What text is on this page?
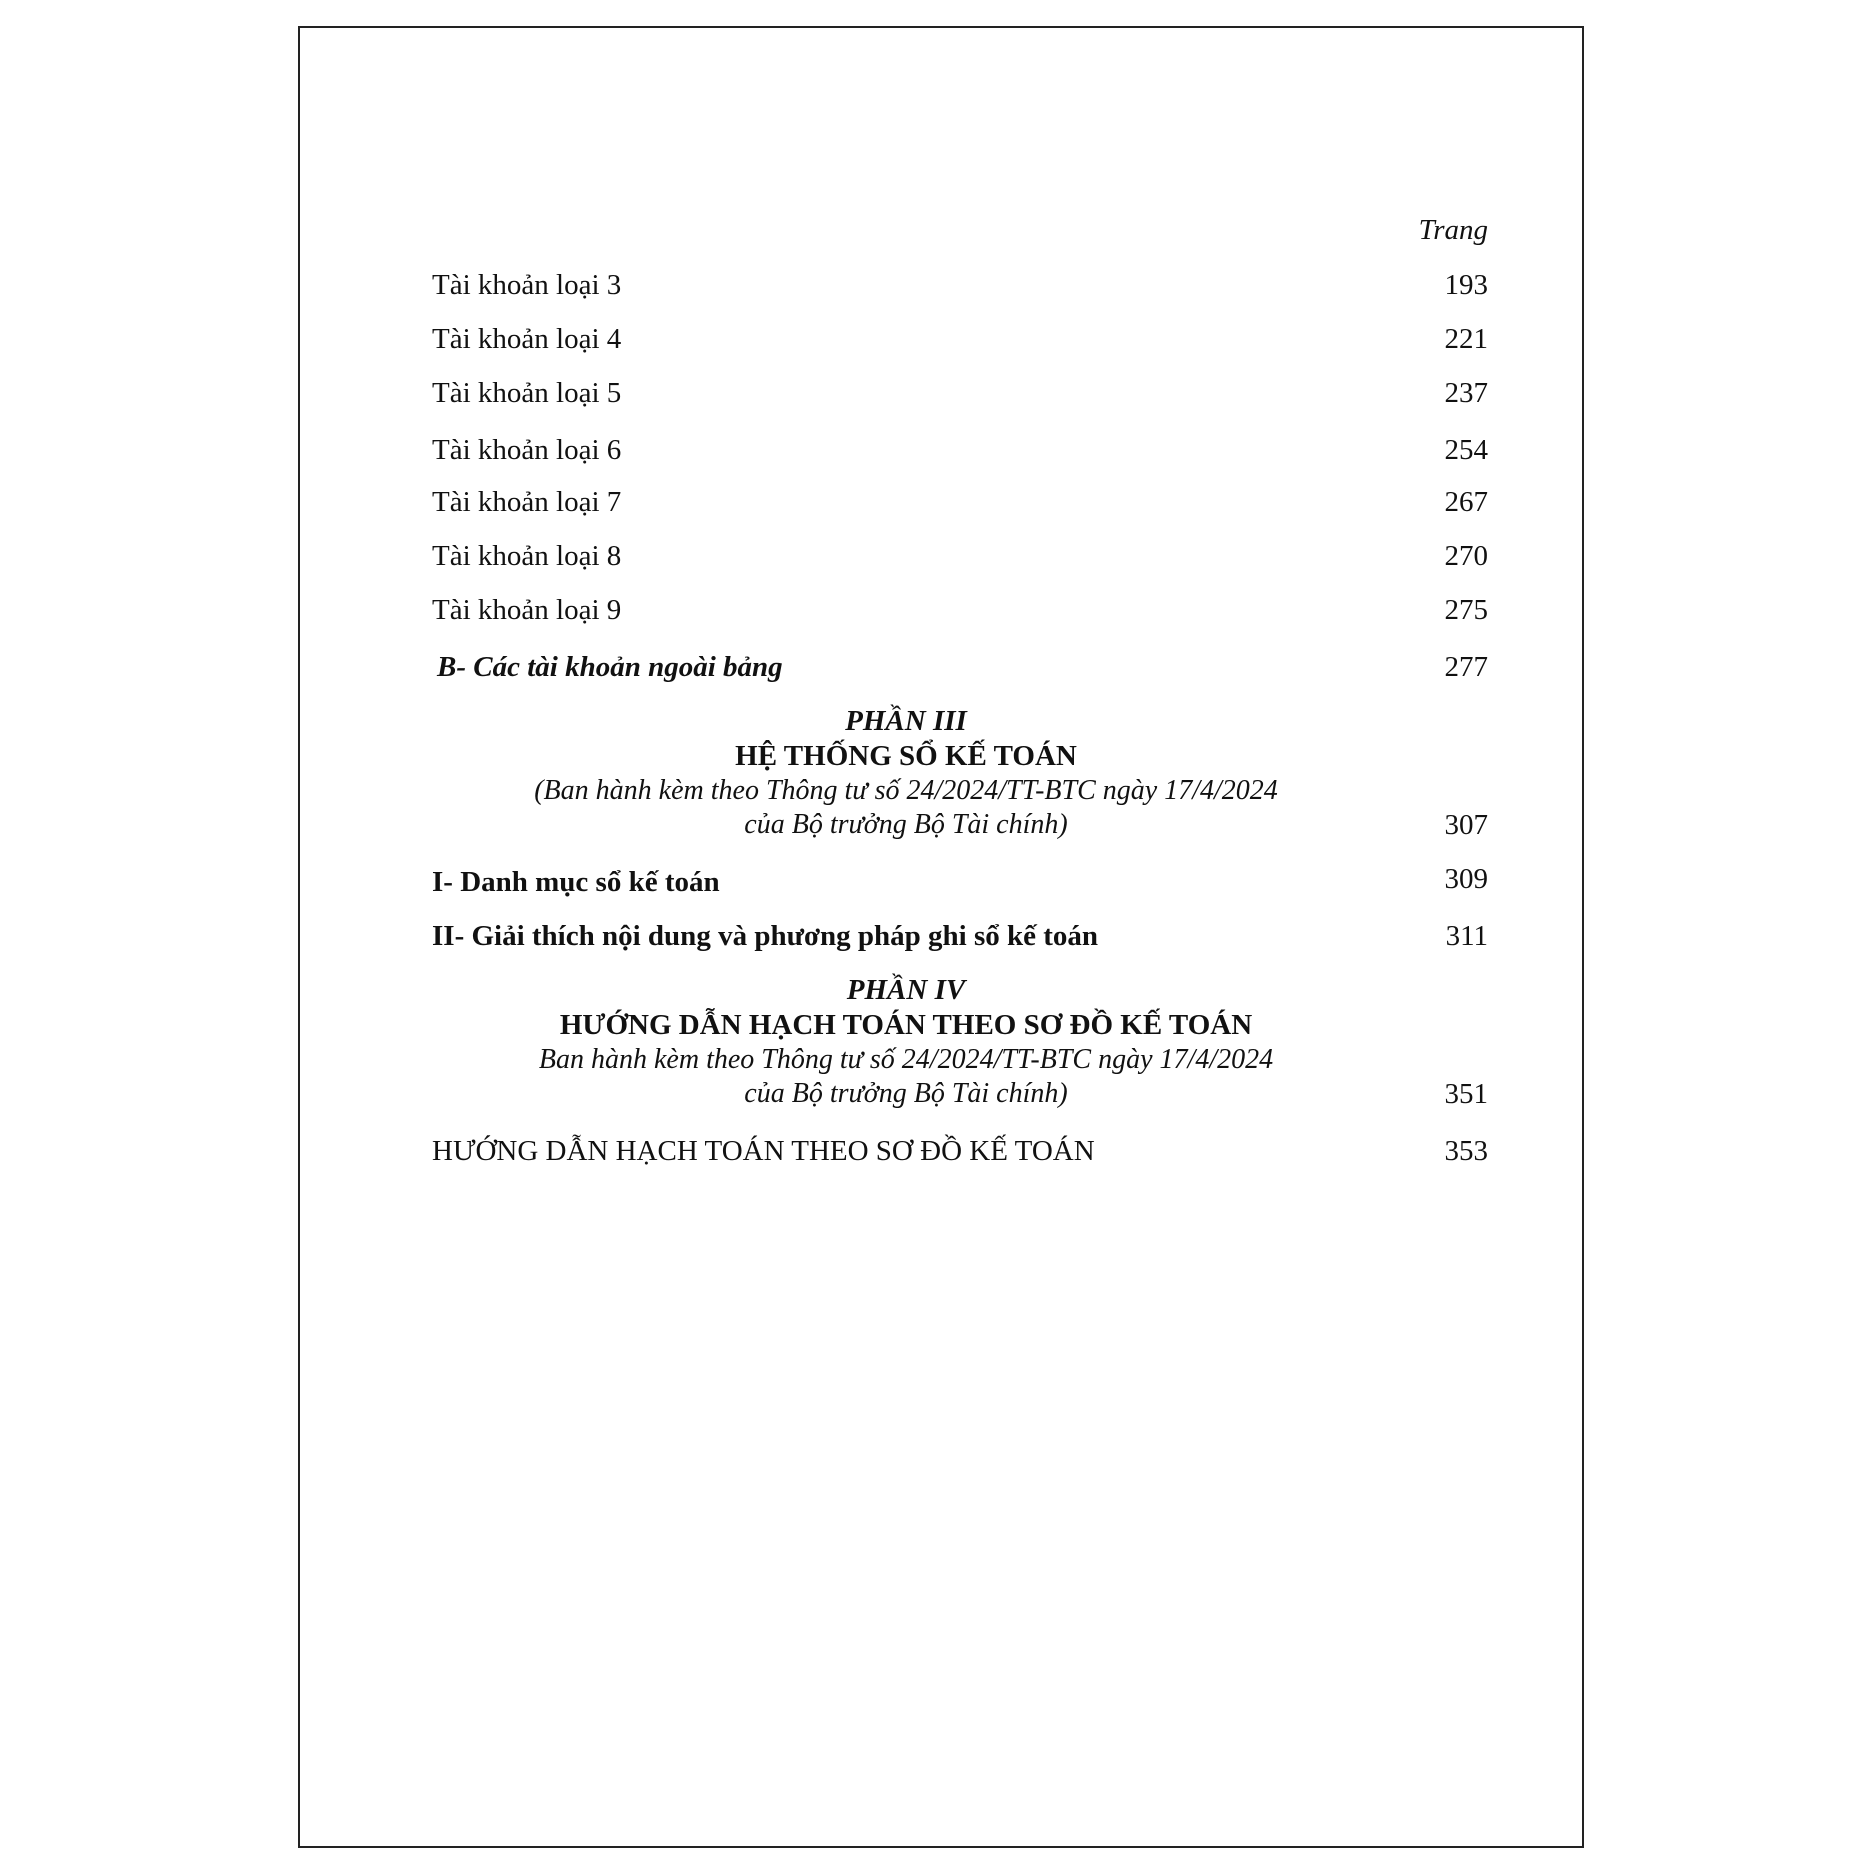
Trang
Tài khoản loại 3	193
Tài khoản loại 4	221
Tài khoản loại 5	237
Tài khoản loại 6	254
Tài khoản loại 7	267
Tài khoản loại 8	270
Tài khoản loại 9	275
B- Các tài khoản ngoài bảng	277
PHẦN III
HỆ THỐNG SỔ KẾ TOÁN
(Ban hành kèm theo Thông tư số 24/2024/TT-BTC ngày 17/4/2024
của Bộ trưởng Bộ Tài chính)	307
I- Danh mục sổ kế toán	309
II- Giải thích nội dung và phương pháp ghi sổ kế toán	311
PHẦN IV
HƯỚNG DẪN HẠCH TOÁN THEO SƠ ĐỒ KẾ TOÁN
Ban hành kèm theo Thông tư số 24/2024/TT-BTC ngày 17/4/2024
của Bộ trưởng Bộ Tài chính)	351
HƯỚNG DẪN HẠCH TOÁN THEO SƠ ĐỒ KẾ TOÁN	353
